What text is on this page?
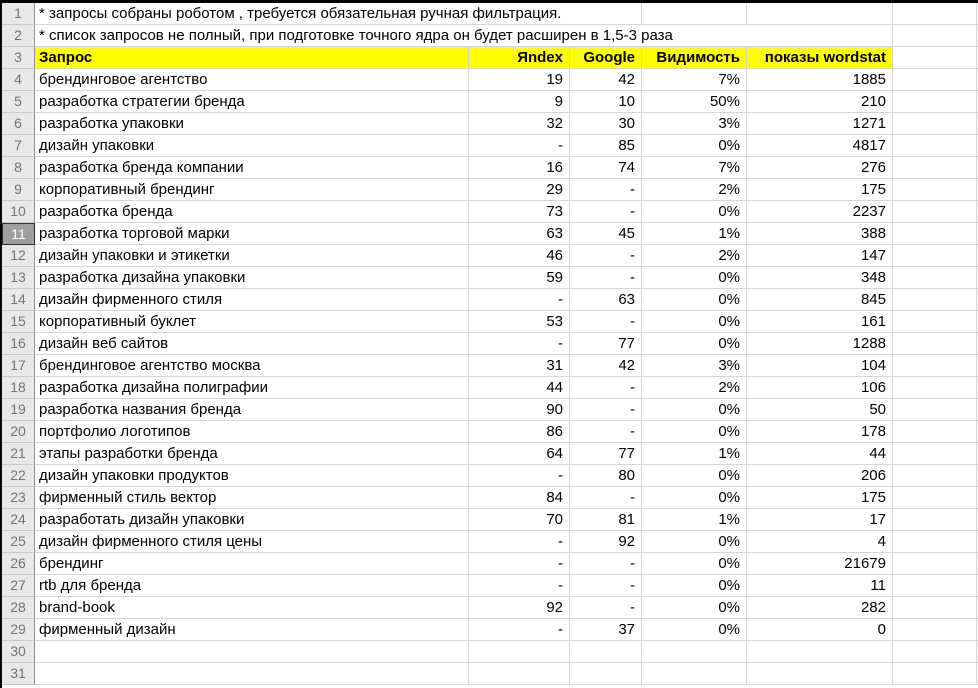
1	* запросы собраны роботом , требуется обязательная ручная фильтрация.
2	* список запросов не полный, при подготовке точного ядра он будет расширен в 1,5-3 раза
3	Запрос	Яndex	Google	Видимость	показы wordstat
4	брендинговое агентство	19	42	7%	1885
5	разработка стратегии бренда	9	10	50%	210
6	разработка упаковки	32	30	3%	1271
7	дизайн упаковки	-	85	0%	4817
8	разработка бренда компании	16	74	7%	276
9	корпоративный брендинг	29	-	2%	175
10 разработка бренда	73	-	0%	2237
11 разработка торговой марки	63	45	1%	388
12 дизайн упаковки и этикетки	46	-	2%	147
13 разработка дизайна упаковки	59	-	0%	348
14 дизайн фирменного стиля	-	63	0%	845
15 корпоративный буклет	53	-	0%	161
16 дизайн веб сайтов	-	77	0%	1288
17 брендинговое агентство москва	31	42	3%	104
18 разработка дизайна полиграфии	44	-	2%	106
19 разработка названия бренда	90	-	0%	50
20 портфолио логотипов	86	-	0%	178
21 этапы разработки бренда	64	77	1%	44
22 дизайн упаковки продуктов	-	80	0%	206
23 фирменный стиль вектор	84	-	0%	175
24 разработать дизайн упаковки	70	81	1%	17
25 дизайн фирменного стиля цены	-	92	0%	4
26 брендинг	-	-	0%	21679
27 rtb для бренда	-	-	0%	11
28 brand-book	92	-	0%	282
29 фирменный дизайн	-	37	0%	0
30
31
